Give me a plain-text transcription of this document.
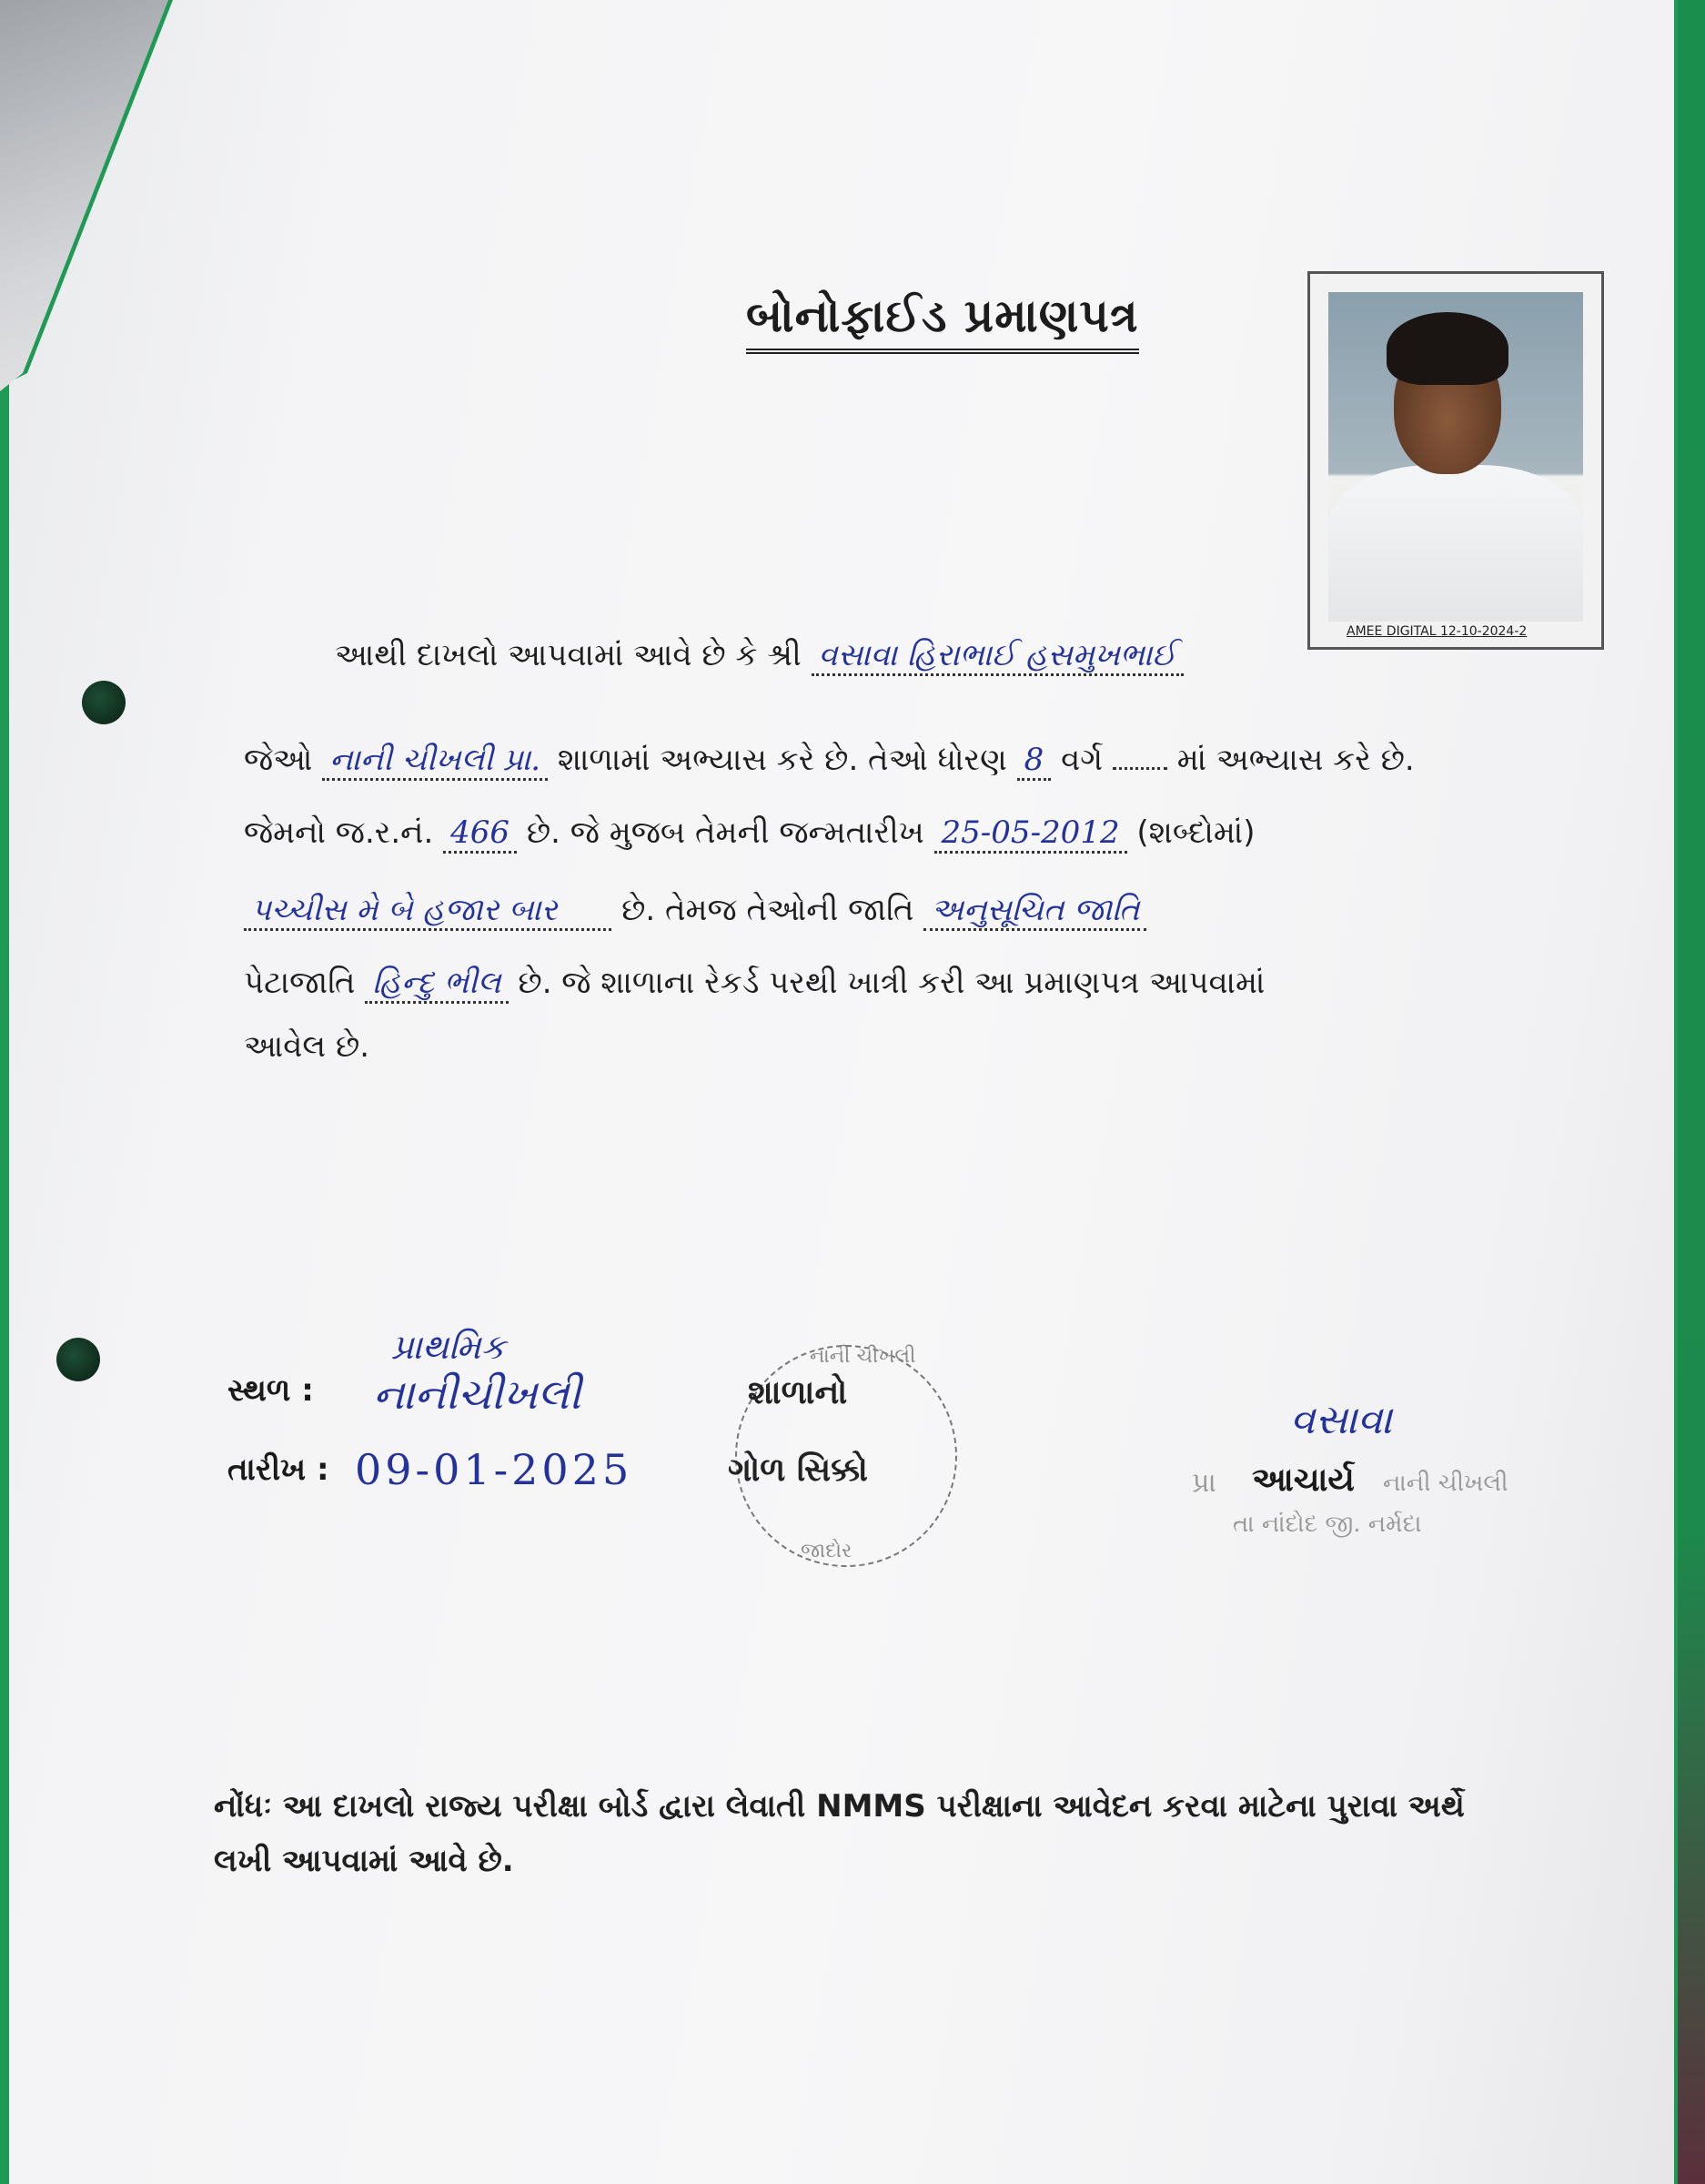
બોનોફાઈડ પ્રમાણપત્ર
AMEE DIGITAL 12-10-2024-2
આથી દાખલો આપવામાં આવે છે કે શ્રી વસાવા હિરાભાઈ હસમુખભાઈ
જેઓ નાની ચીખલી પ્રા. શાળામાં અભ્યાસ કરે છે. તેઓ ધોરણ 8 વર્ગ માં અભ્યાસ કરે છે.
જેમનો જ.ર.નં. 466 છે. જે મુજબ તેમની જન્મતારીખ 25-05-2012 (શબ્દોમાં)
પચ્ચીસ મે બે હજાર બાર છે. તેમજ તેઓની જાતિ અનુસૂચિત જાતિ
પેટાજાતિ હિન્દુ ભીલ છે. જે શાળાના રેકર્ડ પરથી ખાત્રી કરી આ પ્રમાણપત્ર આપવામાં
આવેલ છે.
પ્રાથમિક
સ્થળ : નાનીચીખલી
તારીખ : 09-01-2025
શાળાનો
ગોળ સિક્કો
નાની ચીખલી
જાદોર
વસાવા
પ્રા આચાર્ય નાની ચીખલી
તા નાંદોદ જી. નર્મદા
નોંધઃ આ દાખલો રાજ્ય પરીક્ષા બોર્ડ દ્વારા લેવાતી NMMS પરીક્ષાના આવેદન કરવા માટેના પુરાવા અર્થે લખી આપવામાં આવે છે.
